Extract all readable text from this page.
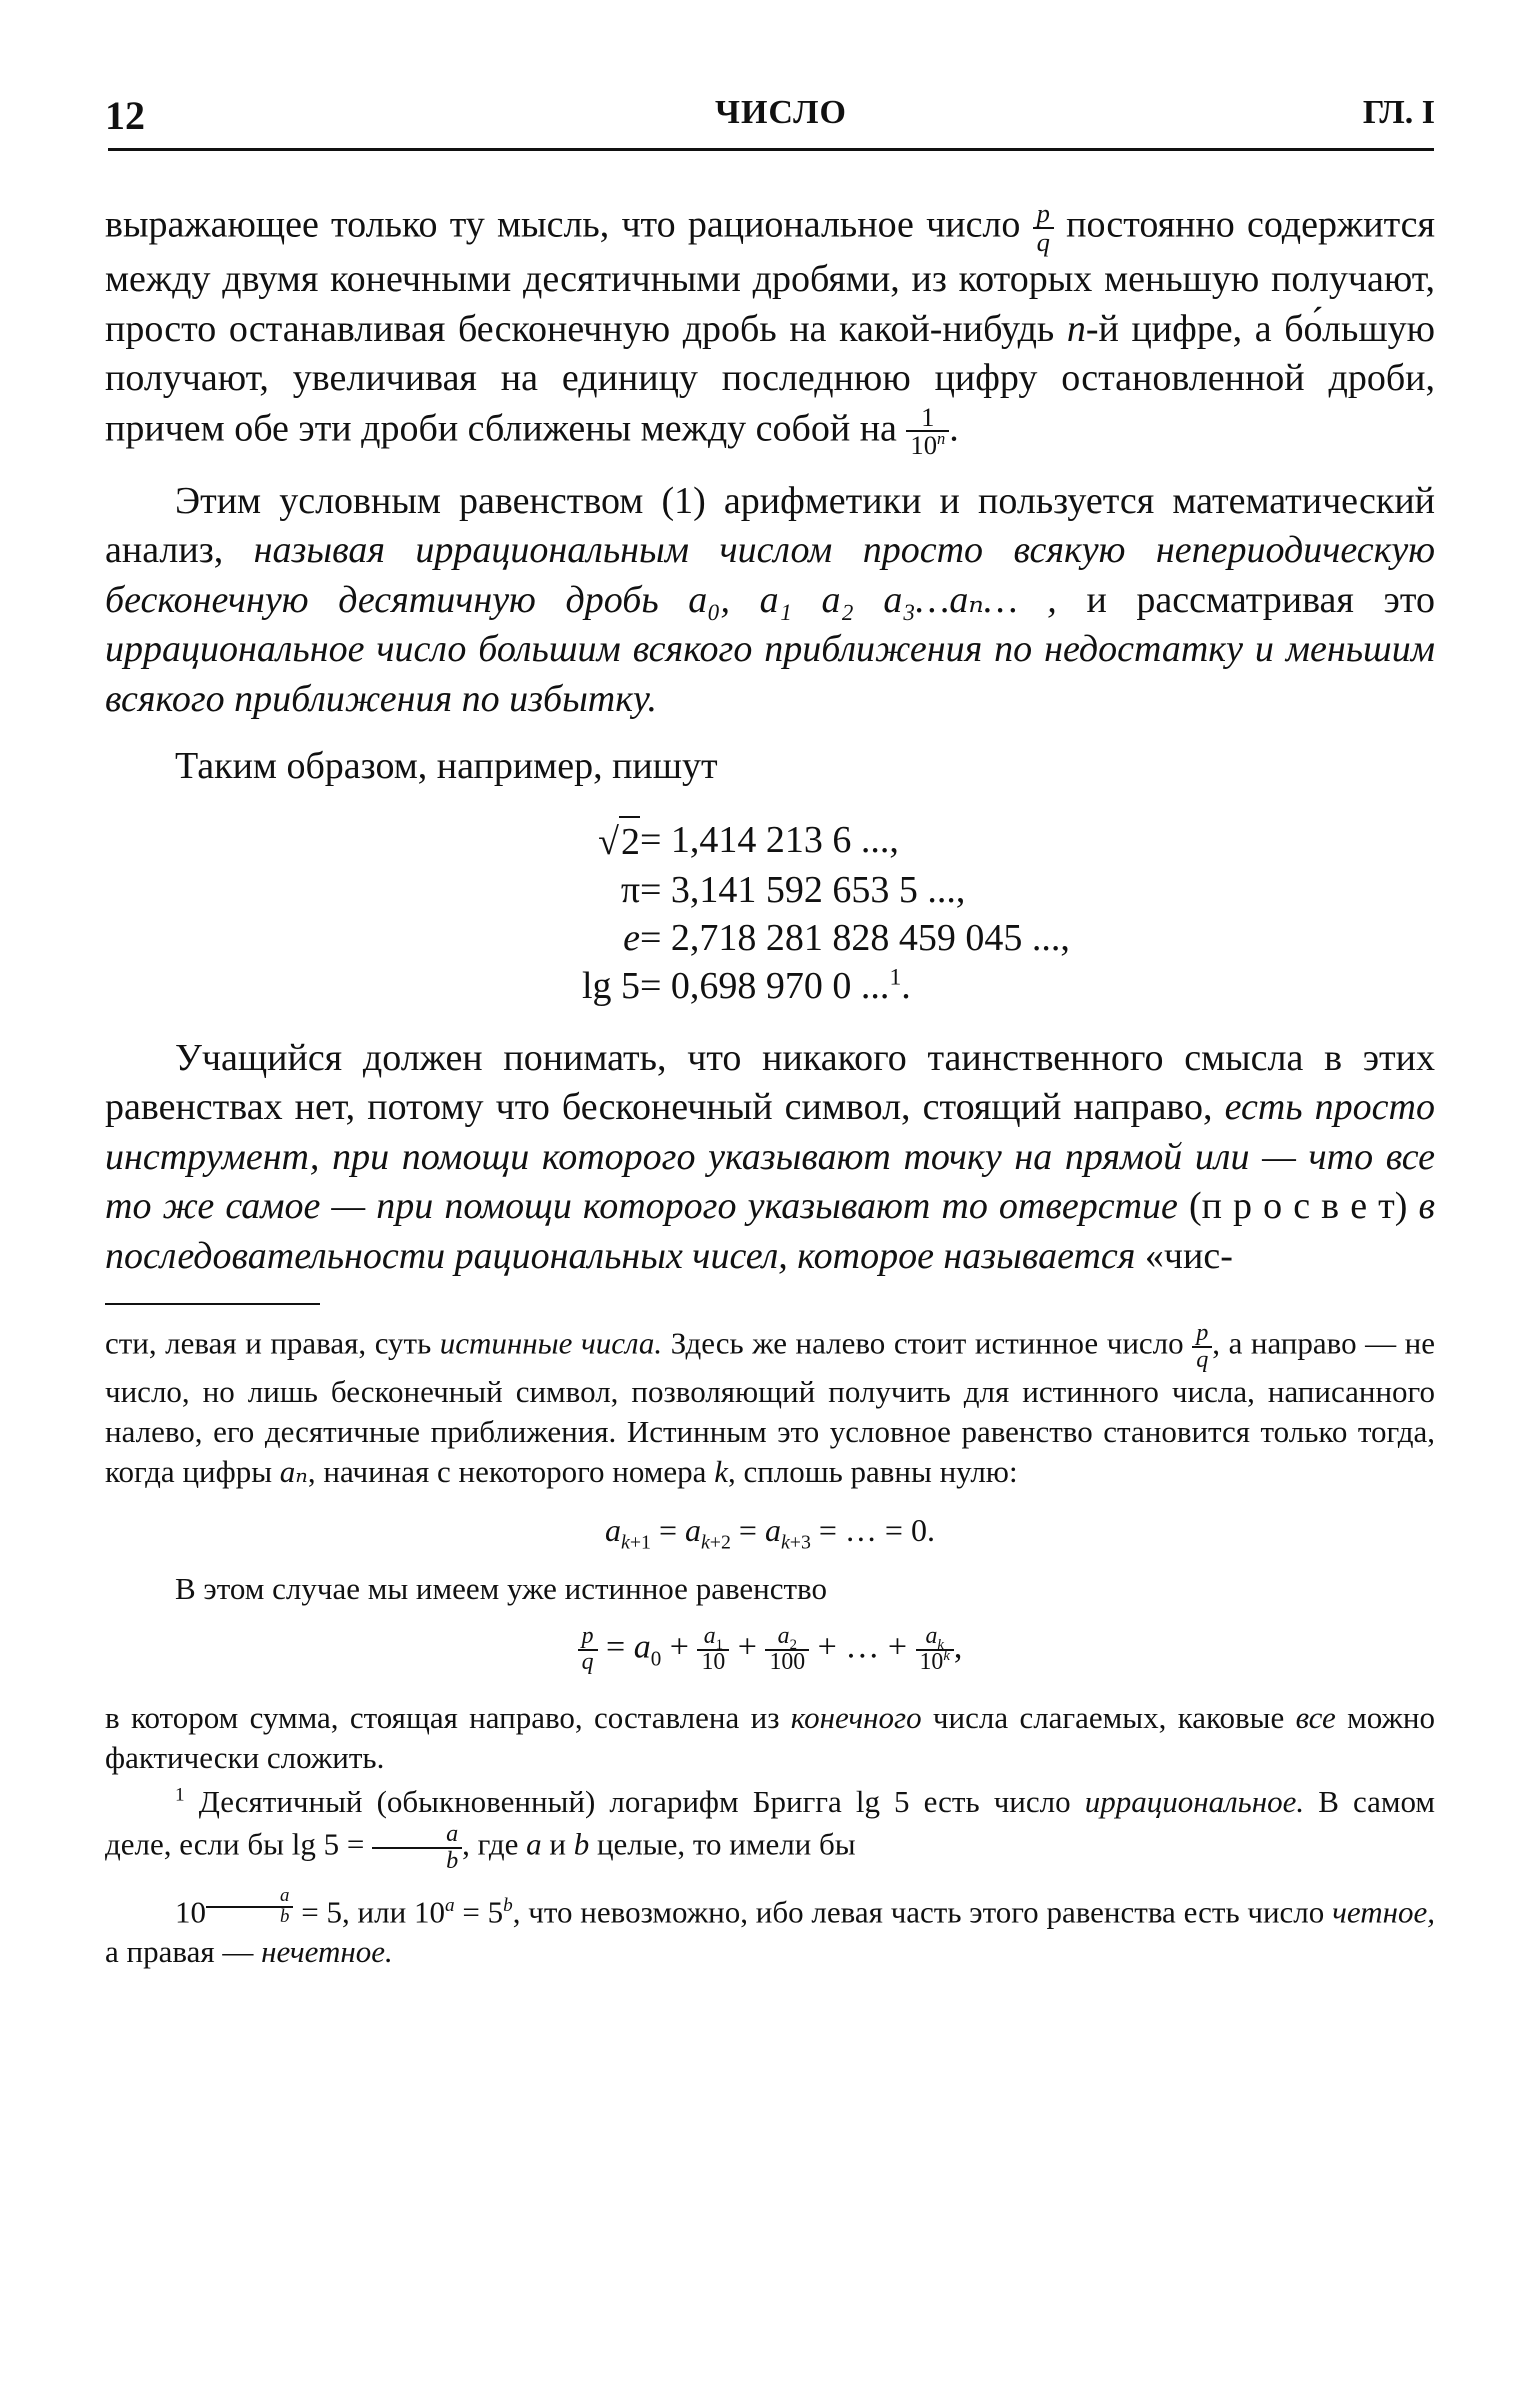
12	ЧИСЛО	ГЛ. I

выражающее только ту мысль, что рациональное число $\frac{p}{q}$ постоянно содержится между двумя конечными десятичными дробями, из которых меньшую получают, просто останавливая бесконечную дробь на какой-нибудь n-й цифре, а бо́льшую получают, увеличивая на единицу последнюю цифру остановленной дроби, причем обе эти дроби сближены между собой на $\frac{1}{10^n}$ .

Этим условным равенством (1) арифметики и пользуется математический анализ, называя иррациональным числом просто всякую непериодическую бесконечную десятичную дробь a₀, a₁ a₂ a₃…aₙ… , и рассматривая это иррациональное число большим всякого приближения по недостатку и меньшим всякого приближения по избытку.

Таким образом, например, пишут

√2 = 1,414 213 6 ...,
π = 3,141 592 653 5 ...,
e = 2,718 281 828 459 045 ...,
lg 5 = 0,698 970 0 ...$^1$.

Учащийся должен понимать, что никакого таинственного смысла в этих равенствах нет, потому что бесконечный символ, стоящий направо, есть просто инструмент, при помощи которого указывают точку на прямой или — что все то же самое — при помощи которого указывают то отверстие (п р о с в е т) в последовательности рациональных чисел, которое называется «чис-

сти, левая и правая, суть истинные числа. Здесь же налево стоит истинное число $\frac{p}{q}$ , а направо — не число, но лишь бесконечный символ, позволяющий получить для истинного числа, написанного налево, его десятичные приближения. Истинным это условное равенство становится только тогда, когда цифры aₙ, начиная с некоторого номера k, сплошь равны нулю:

$a_{k+1} = a_{k+2} = a_{k+3}$ = … = 0.

В этом случае мы имеем уже истинное равенство

$\frac{p}{q} = a_0 + \frac{a_1}{10} + \frac{a_2}{100}$ + … + $\frac{a_k}{10^k}$ ,

в котором сумма, стоящая направо, составлена из конечного числа слагаемых, каковые все можно фактически сложить.

$^1$ Десятичный (обыкновенный) логарифм Бригга lg 5 есть число иррациональное. В самом деле, если бы $\lg 5 = \frac{a}{b}$ , где a и b целые, то имели бы
10 $^{\frac{a}{b}}$ = 5, или $10^a = 5^b$, что невозможно, ибо левая часть этого равенства есть число четное, а правая — нечетное.
